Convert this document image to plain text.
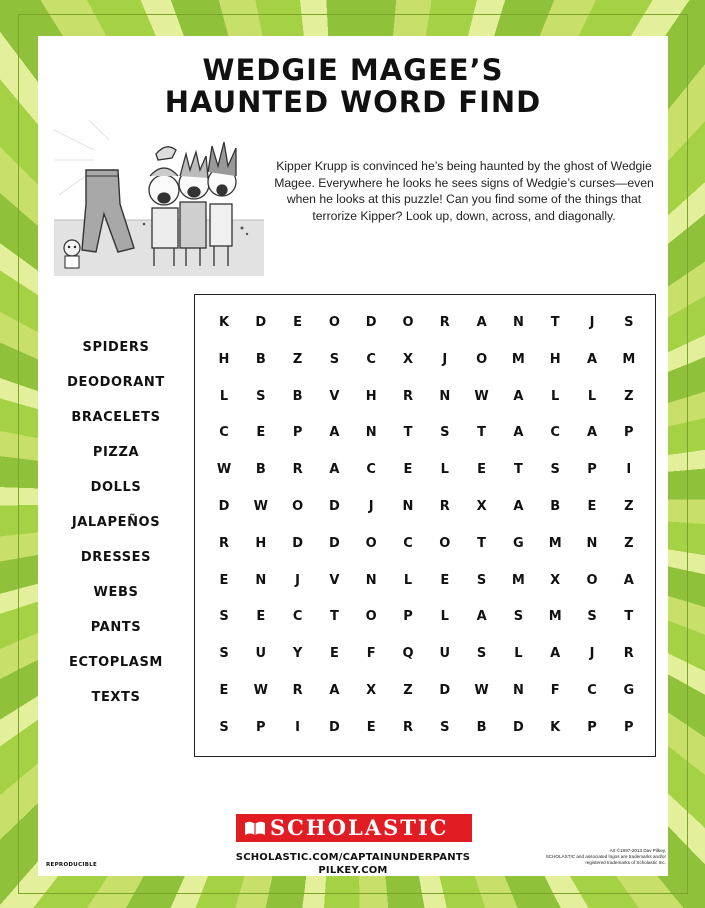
WEDGIE MAGEE’S
HAUNTED WORD FIND
Kipper Krupp is convinced he’s being haunted by the ghost of Wedgie Magee. Everywhere he looks he sees signs of Wedgie’s curses—even when he looks at this puzzle! Can you find some of the things that terrorize Kipper? Look up, down, across, and diagonally.
SPIDERS
DEODORANT
BRACELETS
PIZZA
DOLLS
JALAPEÑOS
DRESSES
WEBS
PANTS
ECTOPLASM
TEXTS
K	D	E	O	D	O	R	A	N	T	J	S
H	B	Z	S	C	X	J	O	M	H	A	M
L	S	B	V	H	R	N	W	A	L	L	Z
C	E	P	A	N	T	S	T	A	C	A	P
W	B	R	A	C	E	L	E	T	S	P	I
D	W	O	D	J	N	R	X	A	B	E	Z
R	H	D	D	O	C	O	T	G	M	N	Z
E	N	J	V	N	L	E	S	M	X	O	A
S	E	C	T	O	P	L	A	S	M	S	T
S	U	Y	E	F	Q	U	S	L	A	J	R
E	W	R	A	X	Z	D	W	N	F	C	G
S	P	I	D	E	R	S	B	D	K	P	P
SCHOLASTIC
SCHOLASTIC.COM/CAPTAINUNDERPANTS
PILKEY.COM
REPRODUCIBLE
Art ©1997-2013 Dav Pilkey.
SCHOLASTIC and associated logos are trademarks and/or
registered trademarks of Scholastic Inc.
